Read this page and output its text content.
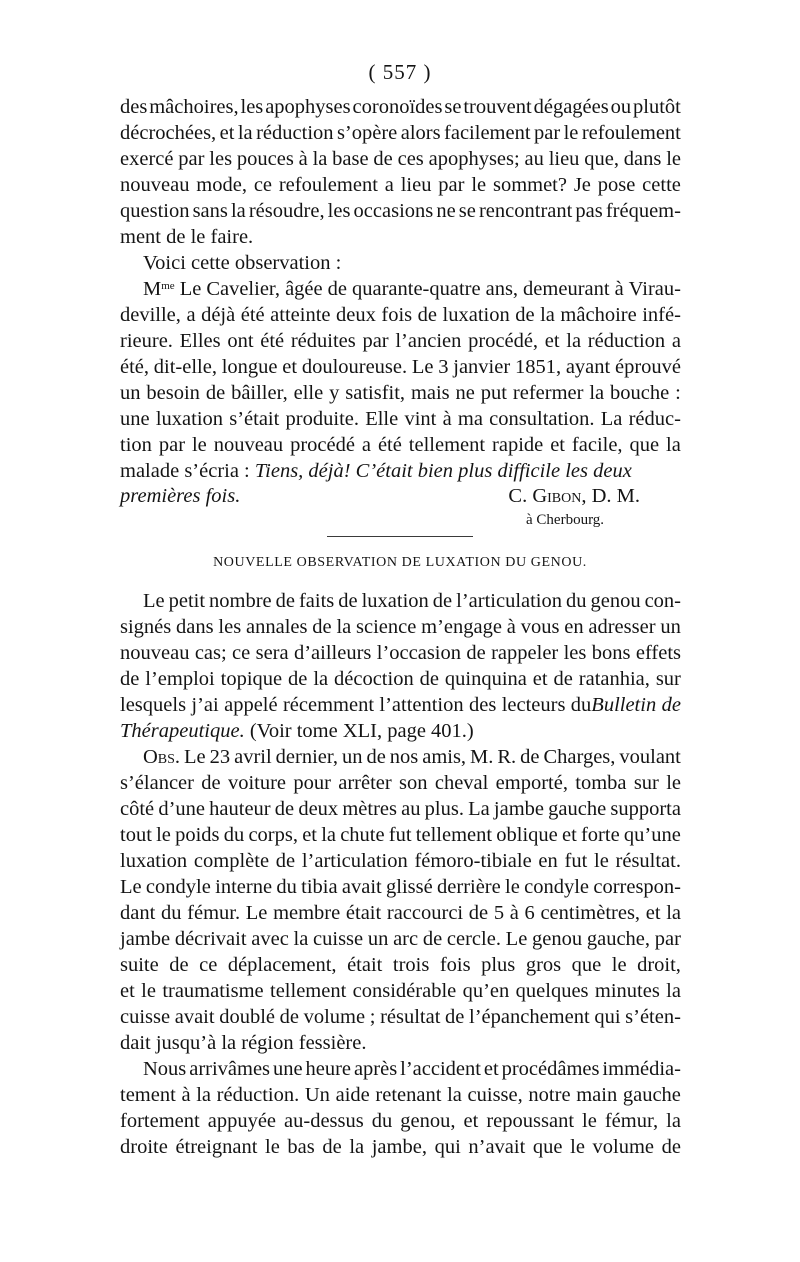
( 557 )
des mâchoires, les apophyses coronoïdes se trouvent dégagées ou plutôt
décrochées, et la réduction s’opère alors facilement par le refoulement
exercé par les pouces à la base de ces apophyses; au lieu que, dans le
nouveau mode, ce refoulement a lieu par le sommet? Je pose cette
question sans la résoudre, les occasions ne se rencontrant pas fréquem-
ment de le faire.
Voici cette observation :
$M^{me}$ Le Cavelier, âgée de quarante-quatre ans, demeurant à Virau-
deville, a déjà été atteinte deux fois de luxation de la mâchoire infé-
rieure. Elles ont été réduites par l’ancien procédé, et la réduction a
été, dit-elle, longue et douloureuse. Le 3 janvier 1851, ayant éprouvé
un besoin de bâiller, elle y satisfit, mais ne put refermer la bouche :
une luxation s’était produite. Elle vint à ma consultation. La réduc-
tion par le nouveau procédé a été tellement rapide et facile, que la
malade s’écria : Tiens, déjà! C’était bien plus difficile les deux
premières fois.	C. Gibon, D. M.
à Cherbourg.
NOUVELLE OBSERVATION DE LUXATION DU GENOU.
Le petit nombre de faits de luxation de l’articulation du genou con-
signés dans les annales de la science m’engage à vous en adresser un
nouveau cas; ce sera d’ailleurs l’occasion de rappeler les bons effets
de l’emploi topique de la décoction de quinquina et de ratanhia, sur
lesquels j’ai appelé récemment l’attention des lecteurs duBulletin de
Thérapeutique. (Voir tome XLI, page 401.)
Obs. Le 23 avril dernier, un de nos amis, M. R. de Charges, voulant
s’élancer de voiture pour arrêter son cheval emporté, tomba sur le
côté d’une hauteur de deux mètres au plus. La jambe gauche supporta
tout le poids du corps, et la chute fut tellement oblique et forte qu’une
luxation complète de l’articulation fémoro-tibiale en fut le résultat.
Le condyle interne du tibia avait glissé derrière le condyle correspon-
dant du fémur. Le membre était raccourci de 5 à 6 centimètres, et la
jambe décrivait avec la cuisse un arc de cercle. Le genou gauche, par
suite de ce déplacement, était trois fois plus gros que le droit,
et le traumatisme tellement considérable qu’en quelques minutes la
cuisse avait doublé de volume ; résultat de l’épanchement qui s’éten-
dait jusqu’à la région fessière.
Nous arrivâmes une heure après l’accident et procédâmes immédia-
tement à la réduction. Un aide retenant la cuisse, notre main gauche
fortement appuyée au-dessus du genou, et repoussant le fémur, la
droite étreignant le bas de la jambe, qui n’avait que le volume de
